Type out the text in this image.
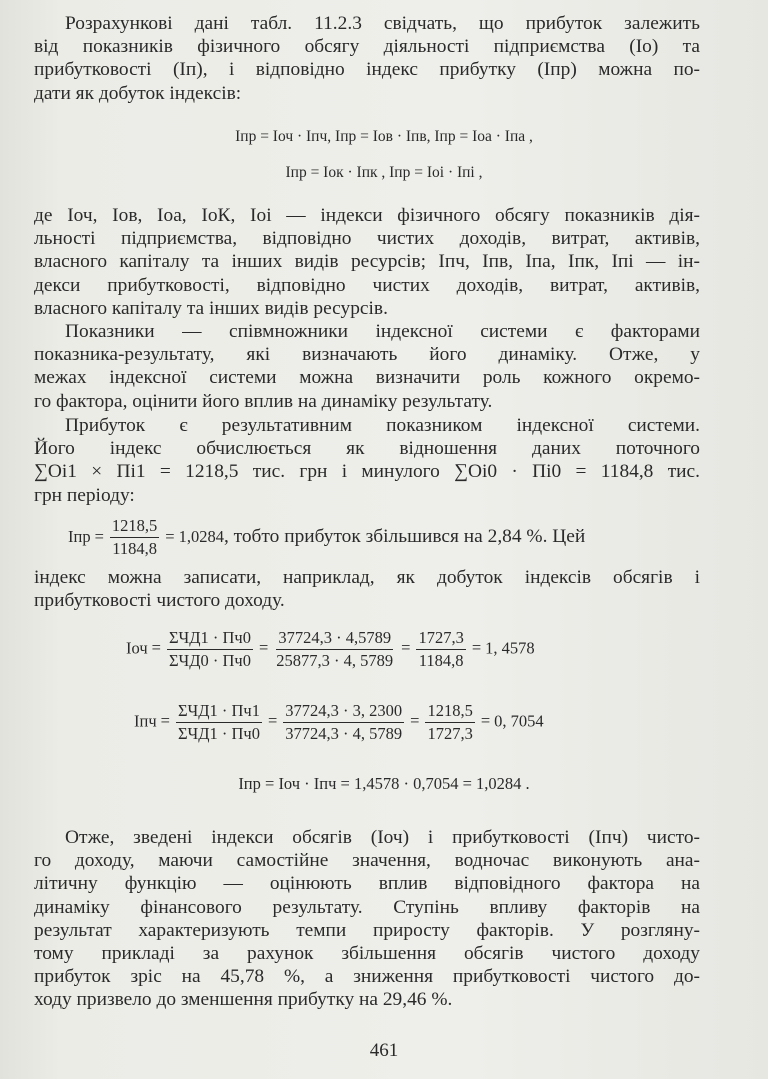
Розрахункові дані табл. 11.2.3 свідчать, що прибуток залежить
від показників фізичного обсягу діяльності підприємства (Іо) та
прибутковості (Іп), і відповідно індекс прибутку (Іпр) можна по-
дати як добуток індексів:
Iпр = Iоч · Iпч, Iпр = Iов · Iпв, Iпр = Iоа · Iпа ,
Iпр = Iок · Iпк , Iпр = Iоі · Iпі ,
де Iоч, Iов, Iоа, IоК, Iоі — індекси фізичного обсягу показників дія-
льності підприємства, відповідно чистих доходів, витрат, активів,
власного капіталу та інших видів ресурсів; Iпч, Iпв, Iпа, Iпк, Iпі — ін-
декси прибутковості, відповідно чистих доходів, витрат, активів,
власного капіталу та інших видів ресурсів.
Показники — співмножники індексної системи є факторами
показника-результату, які визначають його динаміку. Отже, у
межах індексної системи можна визначити роль кожного окремо-
го фактора, оцінити його вплив на динаміку результату.
Прибуток є результативним показником індексної системи.
Його індекс обчислюється як відношення даних поточного
∑Oi1 × Пі1 = 1218,5 тис. грн і минулого ∑Oi0 · Пі0 = 1184,8 тис.
грн періоду:
Iпр = $\frac{1218,5}{1184,8} = 1,0284$, тобто прибуток збільшився на 2,84 %. Цей
індекс можна записати, наприклад, як добуток індексів обсягів і
прибутковості чистого доходу.
Iоч = $\frac{\text{ΣЧД1 · Пч0}}{\text{ΣЧД0 · Пч0}} = \frac{37724,3 \cdot 4,5789}{25877,3 \cdot 4, 5789} = \frac{1727,3}{1184,8} = 1$, 4578
Iпч = $\frac{\text{ΣЧД1 · Пч1}}{\text{ΣЧД1 · Пч0}} = \frac{37724,3 \cdot 3, 2300}{37724,3 \cdot 4, 5789} = \frac{1218,5}{1727,3} = 0$, 7054
Iпр = Iоч · Iпч = 1,4578 · 0,7054 = 1,0284 .
Отже, зведені індекси обсягів (Iоч) і прибутковості (Iпч) чисто-
го доходу, маючи самостійне значення, водночас виконують ана-
літичну функцію — оцінюють вплив відповідного фактора на
динаміку фінансового результату. Ступінь впливу факторів на
результат характеризують темпи приросту факторів. У розгляну-
тому прикладі за рахунок збільшення обсягів чистого доходу
прибуток зріс на 45,78 %, а зниження прибутковості чистого до-
ходу призвело до зменшення прибутку на 29,46 %.
461
